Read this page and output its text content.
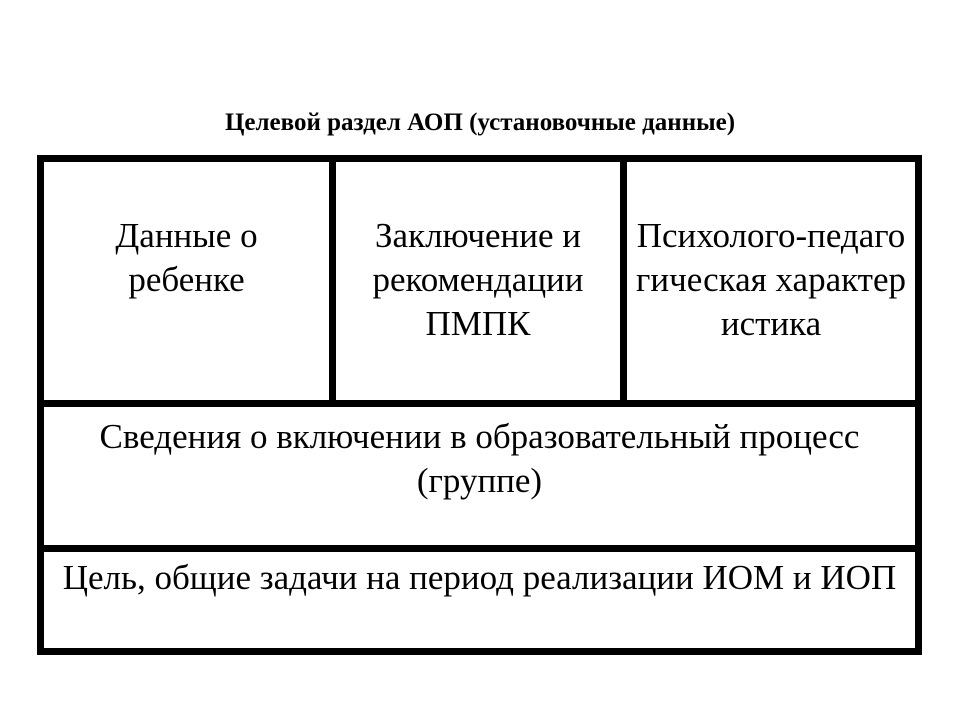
Целевой раздел АОП (установочные данные)
Данные о ребенке
Заключение и рекомендации ПМПК
Психолого-педагогическая характеристика
Сведения о включении в образовательный процесс (группе)
Цель, общие задачи на период реализации ИОМ и ИОП
